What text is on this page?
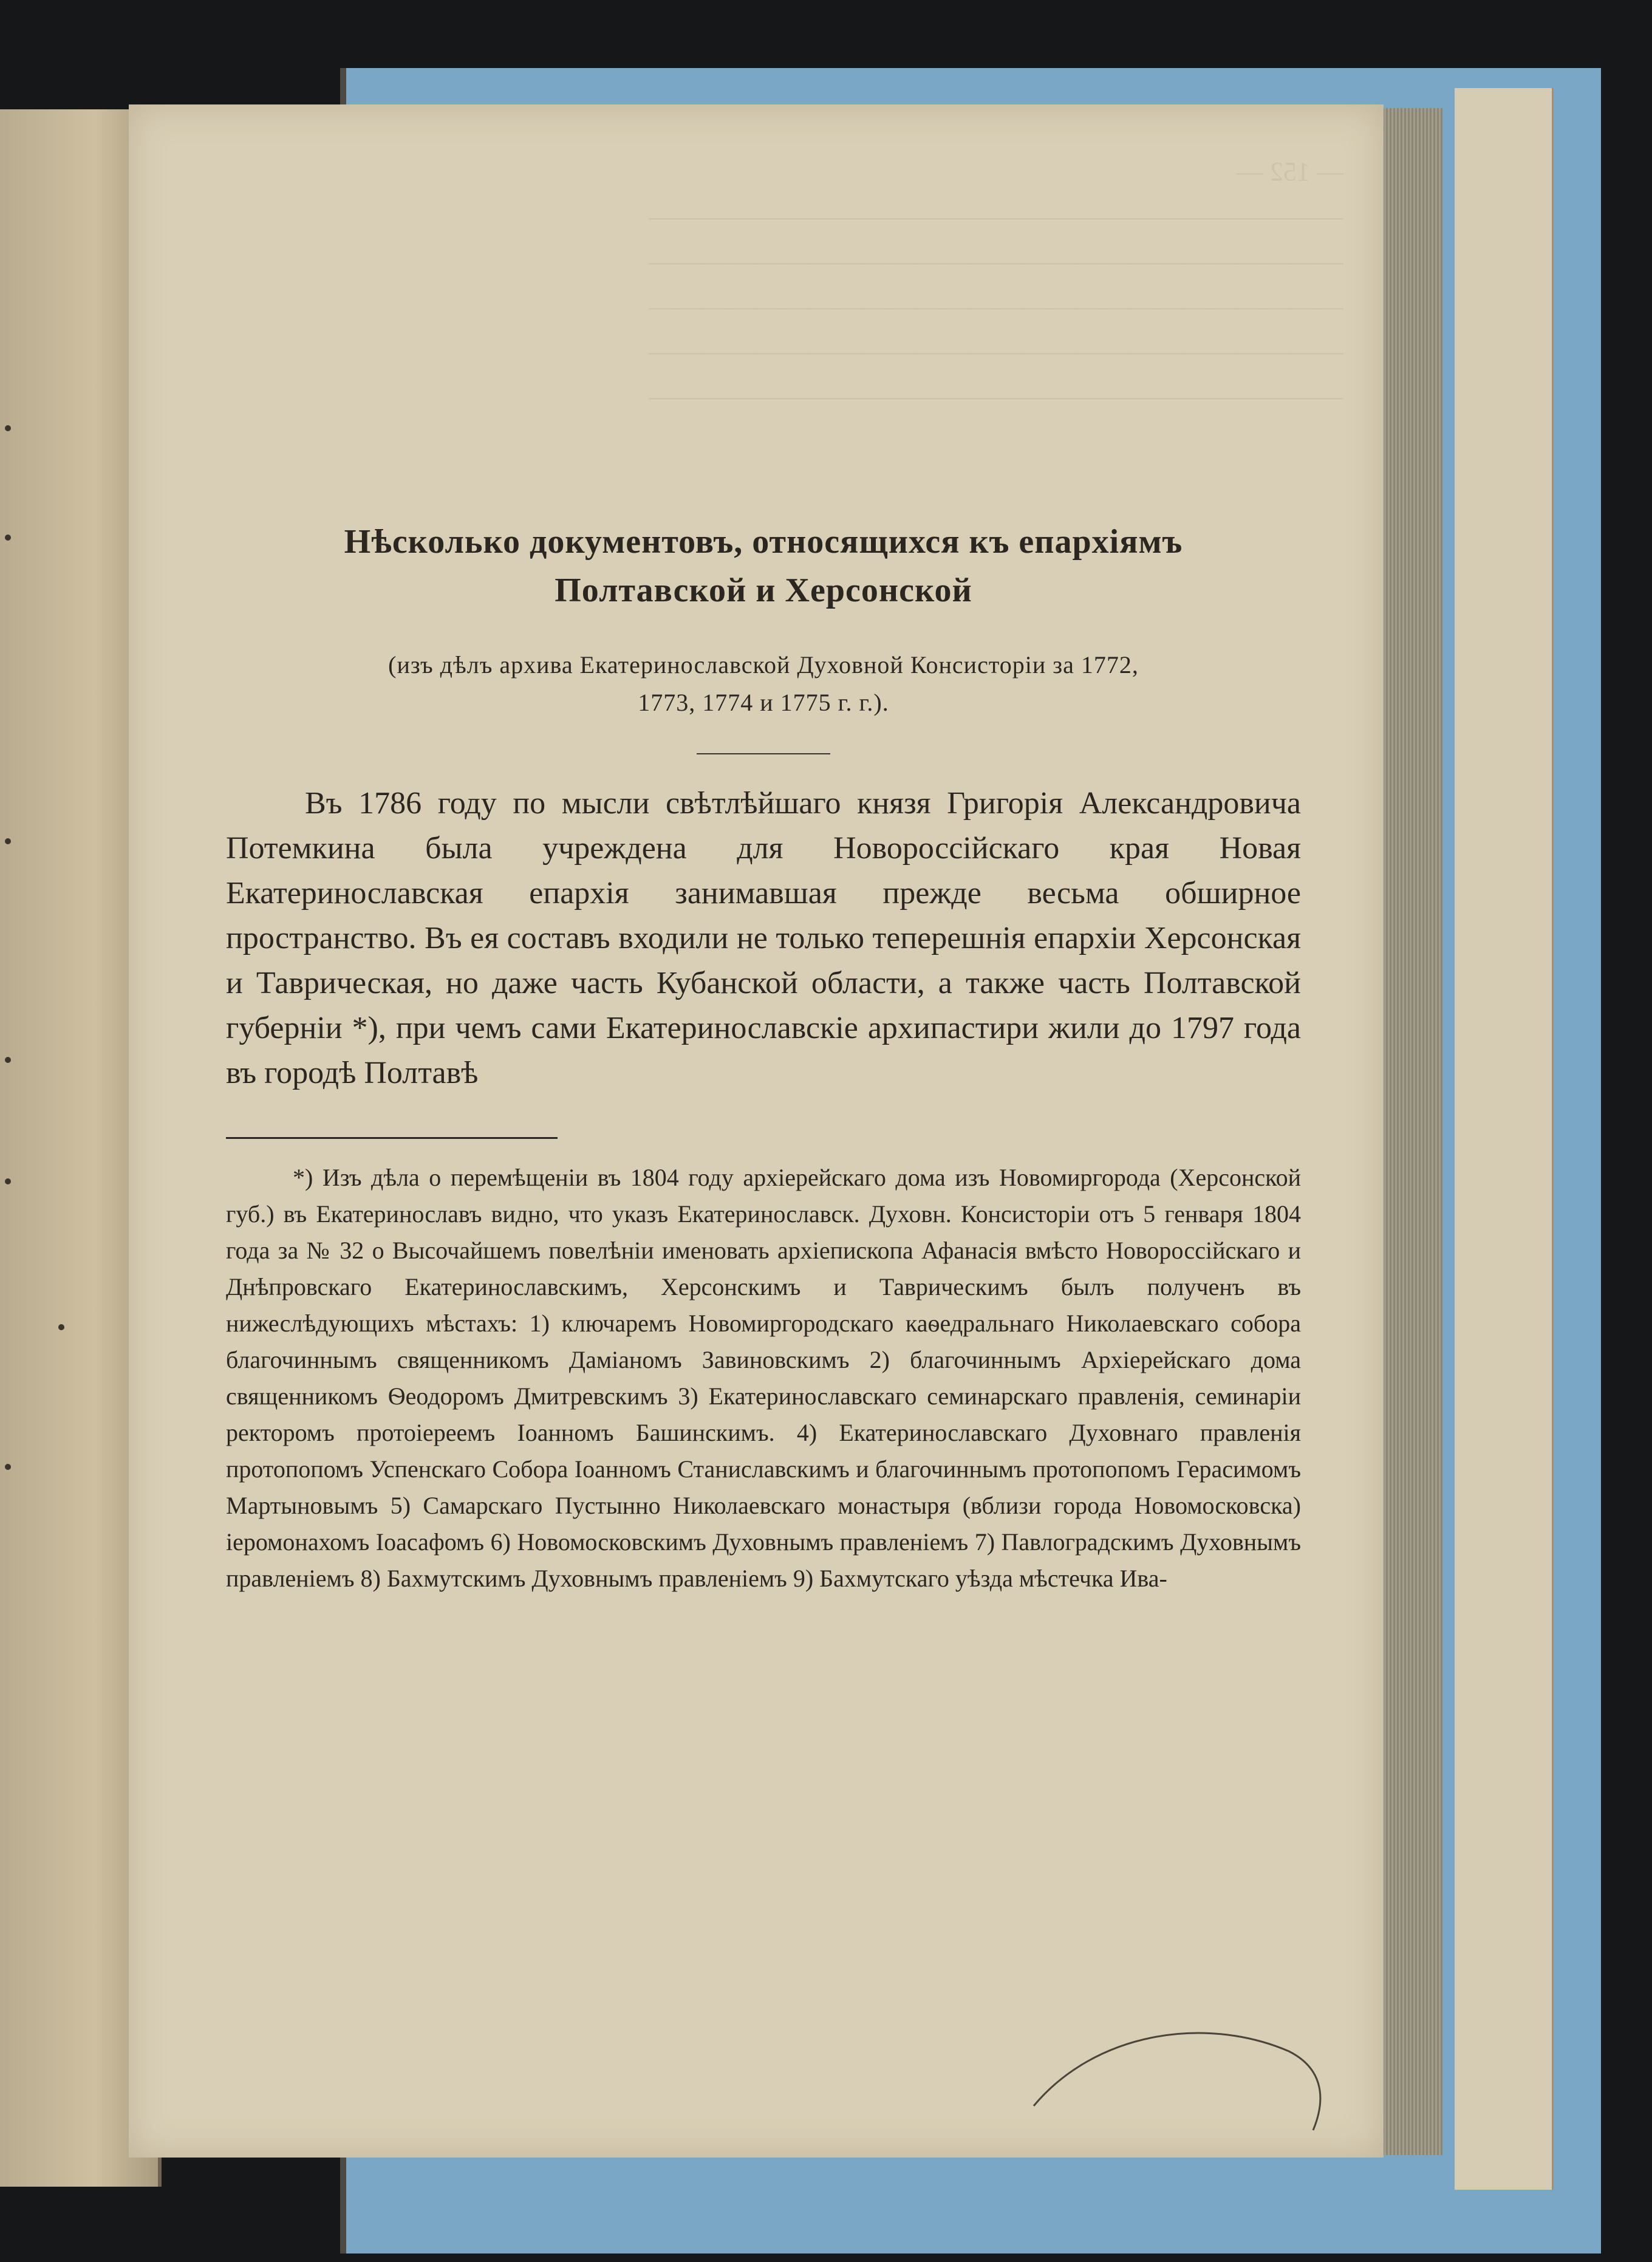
— 152 —
——————————————————————————
——————————————————————————
——————————————————————————
——————————————————————————
——————————————————————————

Нѣсколько документовъ, относящихся къ епархіямъ
Полтавской и Херсонской
(изъ дѣлъ архива Екатеринославской Духовной Консисторіи за 1772,
1773, 1774 и 1775 г. г.).

Въ 1786 году по мысли свѣтлѣйшаго князя Григорія Александровича Потемкина была учреждена для Новороссійскаго края Новая Екатеринославская епархія занимавшая прежде весьма обширное пространство. Въ ея составъ входили не только теперешнія епархіи Херсонская и Таврическая, но даже часть Кубанской области, а также часть Полтавской губерніи *), при чемъ сами Екатеринославскіе архипастири жили до 1797 года въ городѣ Полтавѣ

*) Изъ дѣла о перемѣщеніи въ 1804 году архіерейскаго дома изъ Новомиргорода (Херсонской губ.) въ Екатеринославъ видно, что указъ Екатеринославск. Духовн. Консисторіи отъ 5 генваря 1804 года за № 32 о Высочайшемъ повелѣніи именовать архіепископа Афанасія вмѣсто Новороссійскаго и Днѣпровскаго Екатеринославскимъ, Херсонскимъ и Таврическимъ былъ полученъ въ нижеслѣдующихъ мѣстахъ: 1) ключаремъ Новомиргородскаго каѳедральнаго Николаевскаго собора благочиннымъ священникомъ Даміаномъ Завиновскимъ 2) благочиннымъ Архіерейскаго дома священникомъ Ѳеодоромъ Дмитревскимъ 3) Екатеринославскаго семинарскаго правленія, семинаріи ректоромъ протоіереемъ Іоанномъ Башинскимъ. 4) Екатеринославскаго Духовнаго правленія протопопомъ Успенскаго Собора Іоанномъ Станиславскимъ и благочиннымъ протопопомъ Герасимомъ Мартыновымъ 5) Самарскаго Пустынно Николаевскаго монастыря (вблизи города Новомосковска) іеромонахомъ Іоасафомъ 6) Новомосковскимъ Духовнымъ правленіемъ 7) Павлоградскимъ Духовнымъ правленіемъ 8) Бахмутскимъ Духовнымъ правленіемъ 9) Бахмутскаго уѣзда мѣстечка Ива-
